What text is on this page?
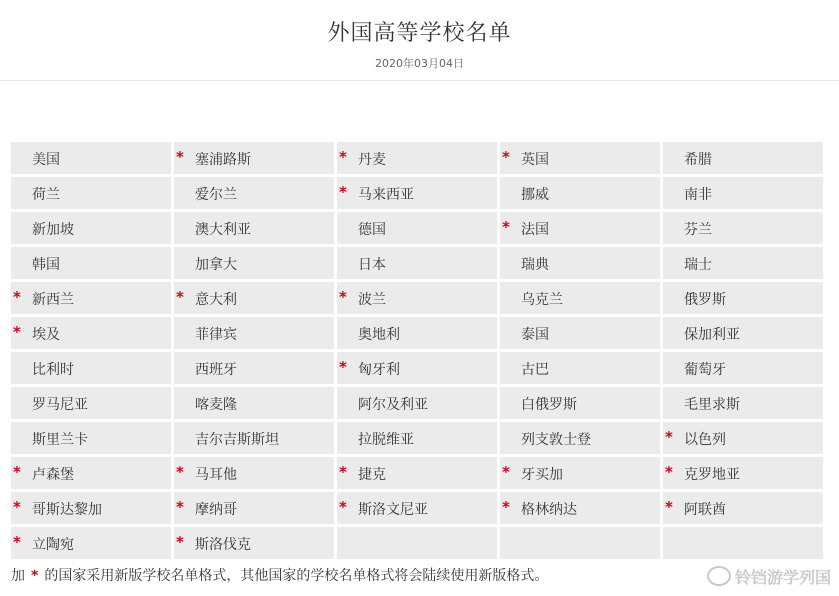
外国高等学校名单
2020年03月04日
美国	* 塞浦路斯	* 丹麦	* 英国	希腊
荷兰	爱尔兰	* 马来西亚	挪威	南非
新加坡	澳大利亚	德国	* 法国	芬兰
韩国	加拿大	日本	瑞典	瑞士
* 新西兰	* 意大利	* 波兰	乌克兰	俄罗斯
* 埃及	菲律宾	奥地利	泰国	保加利亚
比利时	西班牙	* 匈牙利	古巴	葡萄牙
罗马尼亚	喀麦隆	阿尔及利亚	白俄罗斯	毛里求斯
斯里兰卡	吉尔吉斯斯坦	拉脱维亚	列支敦士登	* 以色列
* 卢森堡	* 马耳他	* 捷克	* 牙买加	* 克罗地亚
* 哥斯达黎加	* 摩纳哥	* 斯洛文尼亚	* 格林纳达	* 阿联酋
* 立陶宛	* 斯洛伐克
加 * 的国家采用新版学校名单格式，其他国家的学校名单格式将会陆续使用新版格式。	铃铛游学列国
